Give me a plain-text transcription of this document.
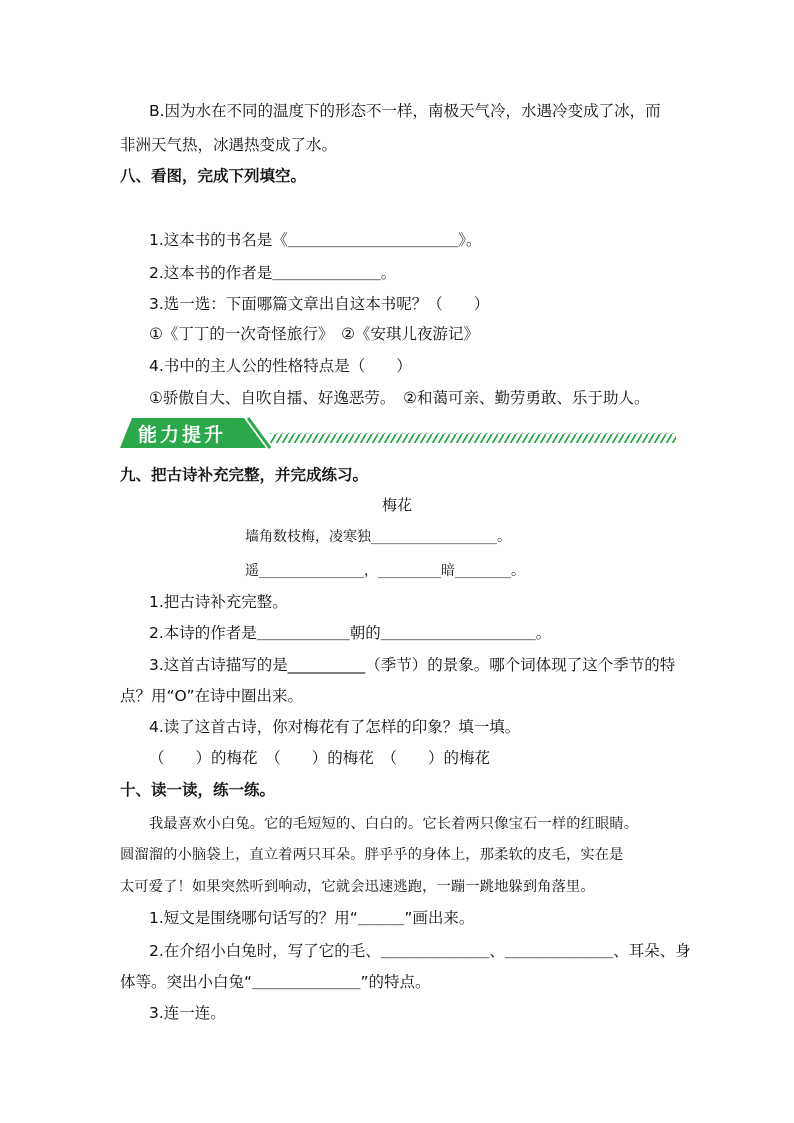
B.因为水在不同的温度下的形态不一样，南极天气冷，水遇冷变成了冰，而
非洲天气热，冰遇热变成了水。
八、看图，完成下列填空。
1.这本书的书名是《＿＿＿＿＿＿＿＿＿＿＿》。
2.这本书的作者是＿＿＿＿＿＿＿。
3.选一选：下面哪篇文章出自这本书呢？（　　）
①《丁丁的一次奇怪旅行》　②《安琪儿夜游记》
4.书中的主人公的性格特点是（　　）
①骄傲自大、自吹自擂、好逸恶劳。　②和蔼可亲、勤劳勇敢、乐于助人。
能力提升
九、把古诗补充完整，并完成练习。
梅花
墙角数枝梅，凌寒独__________________。
遥_______________，_________暗________。
1.把古诗补充完整。
2.本诗的作者是＿＿＿＿＿＿朝的＿＿＿＿＿＿＿＿＿＿。
3.这首古诗描写的是__________（季节）的景象。哪个词体现了这个季节的特
点？用“O”在诗中圈出来。
4.读了这首古诗，你对梅花有了怎样的印象？填一填。
（　　）的梅花　（　　）的梅花　（　　）的梅花
十、读一读，练一练。
我最喜欢小白兔。它的毛短短的、白白的。它长着两只像宝石一样的红眼睛。
圆溜溜的小脑袋上，直立着两只耳朵。胖乎乎的身体上，那柔软的皮毛，实在是
太可爱了！如果突然听到响动，它就会迅速逃跑，一蹦一跳地躲到角落里。
1.短文是围绕哪句话写的？用“＿＿＿”画出来。
2.在介绍小白兔时，写了它的毛、＿＿＿＿＿＿＿、＿＿＿＿＿＿＿、耳朵、身
体等。突出小白兔“＿＿＿＿＿＿＿”的特点。
3.连一连。
